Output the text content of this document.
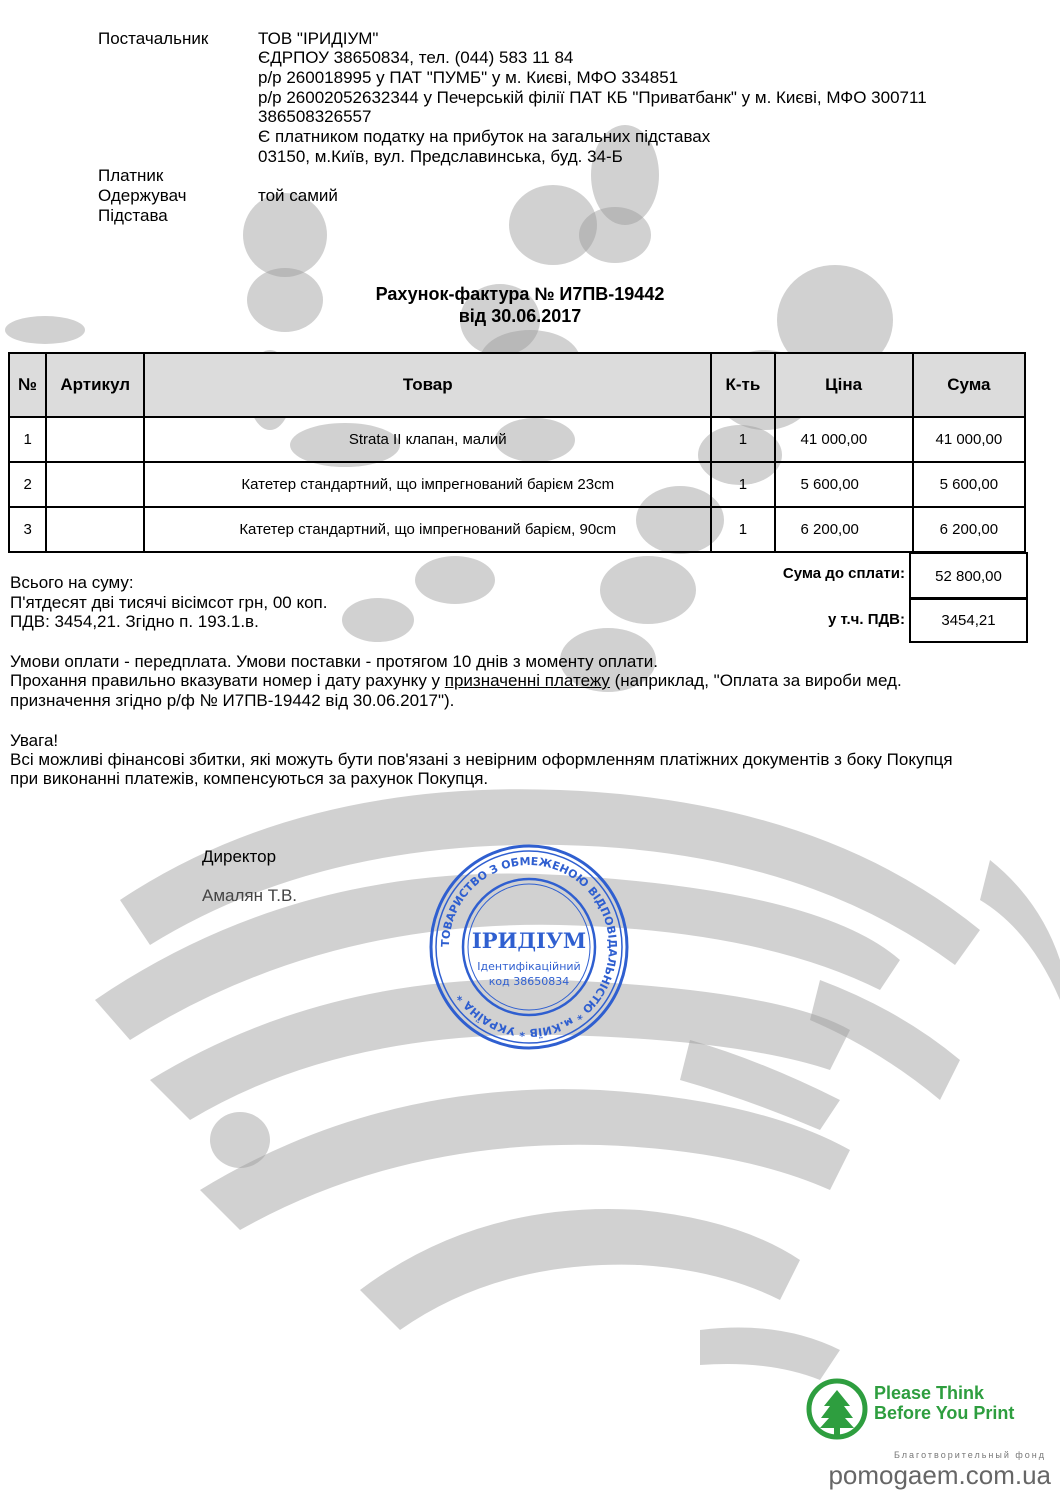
Постачальник	ТОВ "ІРИДІУМ"
ЄДРПОУ 38650834, тел. (044) 583 11 84
р/р 260018995 у ПАТ "ПУМБ" у м. Києві, МФО 334851
р/р 26002052632344 у Печерській філії ПАТ КБ "Приватбанк" у м. Києві, МФО 300711
386508326557
Є платником податку на прибуток на загальних підставах
03150, м.Київ, вул. Предславинська, буд. 34-Б
Платник
Одержувач	той самий
Підстава
Рахунок-фактура № И7ПВ-19442
від 30.06.2017
№	Артикул	Товар	К-ть	Ціна	Сума
1		Strata II клапан, малий	1	41 000,00	41 000,00
2		Катетер стандартний, що імпрегнований барієм 23cm	1	5 600,00	5 600,00
3		Катетер стандартний, що імпрегнований барієм, 90cm	1	6 200,00	6 200,00
Сума до сплати:	52 800,00
у т.ч. ПДВ:	3454,21
Всього на суму:
П'ятдесят дві тисячі вісімсот грн, 00 коп.
ПДВ: 3454,21. Згідно п. 193.1.в.
Умови оплати - передплата. Умови поставки - протягом 10 днів з моменту оплати.
Прохання правильно вказувати номер і дату рахунку у призначенні платежу (наприклад, "Оплата за вироби мед.
призначення згідно р/ф № И7ПВ-19442 від 30.06.2017").
Увага!
Всі можливі фінансові збитки, які можуть бути пов'язані з невірним оформленням платіжних документів з боку Покупця
при виконанні платежів, компенсуються за рахунок Покупця.
Директор
Амалян Т.В.
ТОВАРИСТВО З ОБМЕЖЕНОЮ ВІДПОВІДАЛЬНІСТЮ * м.КИЇВ * УКРАЇНА *
ІРИДІУМ
Ідентифікаційний
код 38650834
Please Think
Before You Print
Благотворительный фонд
pomogaem.com.ua
